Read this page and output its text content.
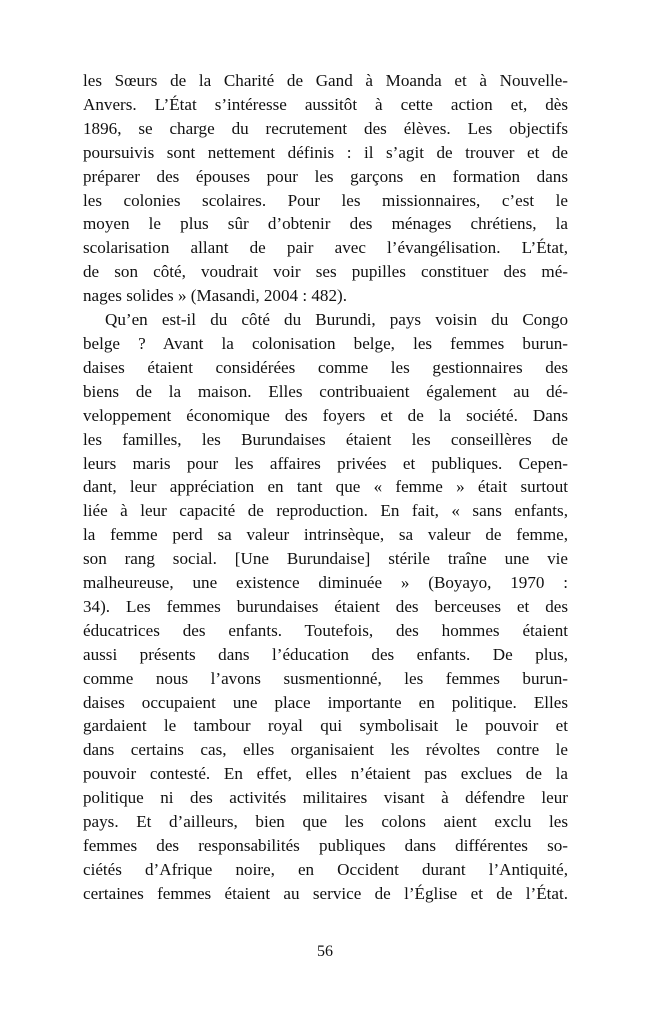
les Sœurs de la Charité de Gand à Moanda et à Nouvelle-
Anvers. L’État s’intéresse aussitôt à cette action et, dès
1896, se charge du recrutement des élèves. Les objectifs
poursuivis sont nettement définis : il s’agit de trouver et de
préparer des épouses pour les garçons en formation dans
les colonies scolaires. Pour les missionnaires, c’est le
moyen le plus sûr d’obtenir des ménages chrétiens, la
scolarisation allant de pair avec l’évangélisation. L’État,
de son côté, voudrait voir ses pupilles constituer des mé-
nages solides » (Masandi, 2004 : 482).
Qu’en est-il du côté du Burundi, pays voisin du Congo
belge ? Avant la colonisation belge, les femmes burun-
daises étaient considérées comme les gestionnaires des
biens de la maison. Elles contribuaient également au dé-
veloppement économique des foyers et de la société. Dans
les familles, les Burundaises étaient les conseillères de
leurs maris pour les affaires privées et publiques. Cepen-
dant, leur appréciation en tant que « femme » était surtout
liée à leur capacité de reproduction. En fait, « sans enfants,
la femme perd sa valeur intrinsèque, sa valeur de femme,
son rang social. [Une Burundaise] stérile traîne une vie
malheureuse, une existence diminuée » (Boyayo, 1970 :
34). Les femmes burundaises étaient des berceuses et des
éducatrices des enfants. Toutefois, des hommes étaient
aussi présents dans l’éducation des enfants. De plus,
comme nous l’avons susmentionné, les femmes burun-
daises occupaient une place importante en politique. Elles
gardaient le tambour royal qui symbolisait le pouvoir et
dans certains cas, elles organisaient les révoltes contre le
pouvoir contesté. En effet, elles n’étaient pas exclues de la
politique ni des activités militaires visant à défendre leur
pays. Et d’ailleurs, bien que les colons aient exclu les
femmes des responsabilités publiques dans différentes so-
ciétés d’Afrique noire, en Occident durant l’Antiquité,
certaines femmes étaient au service de l’Église et de l’État.
56
